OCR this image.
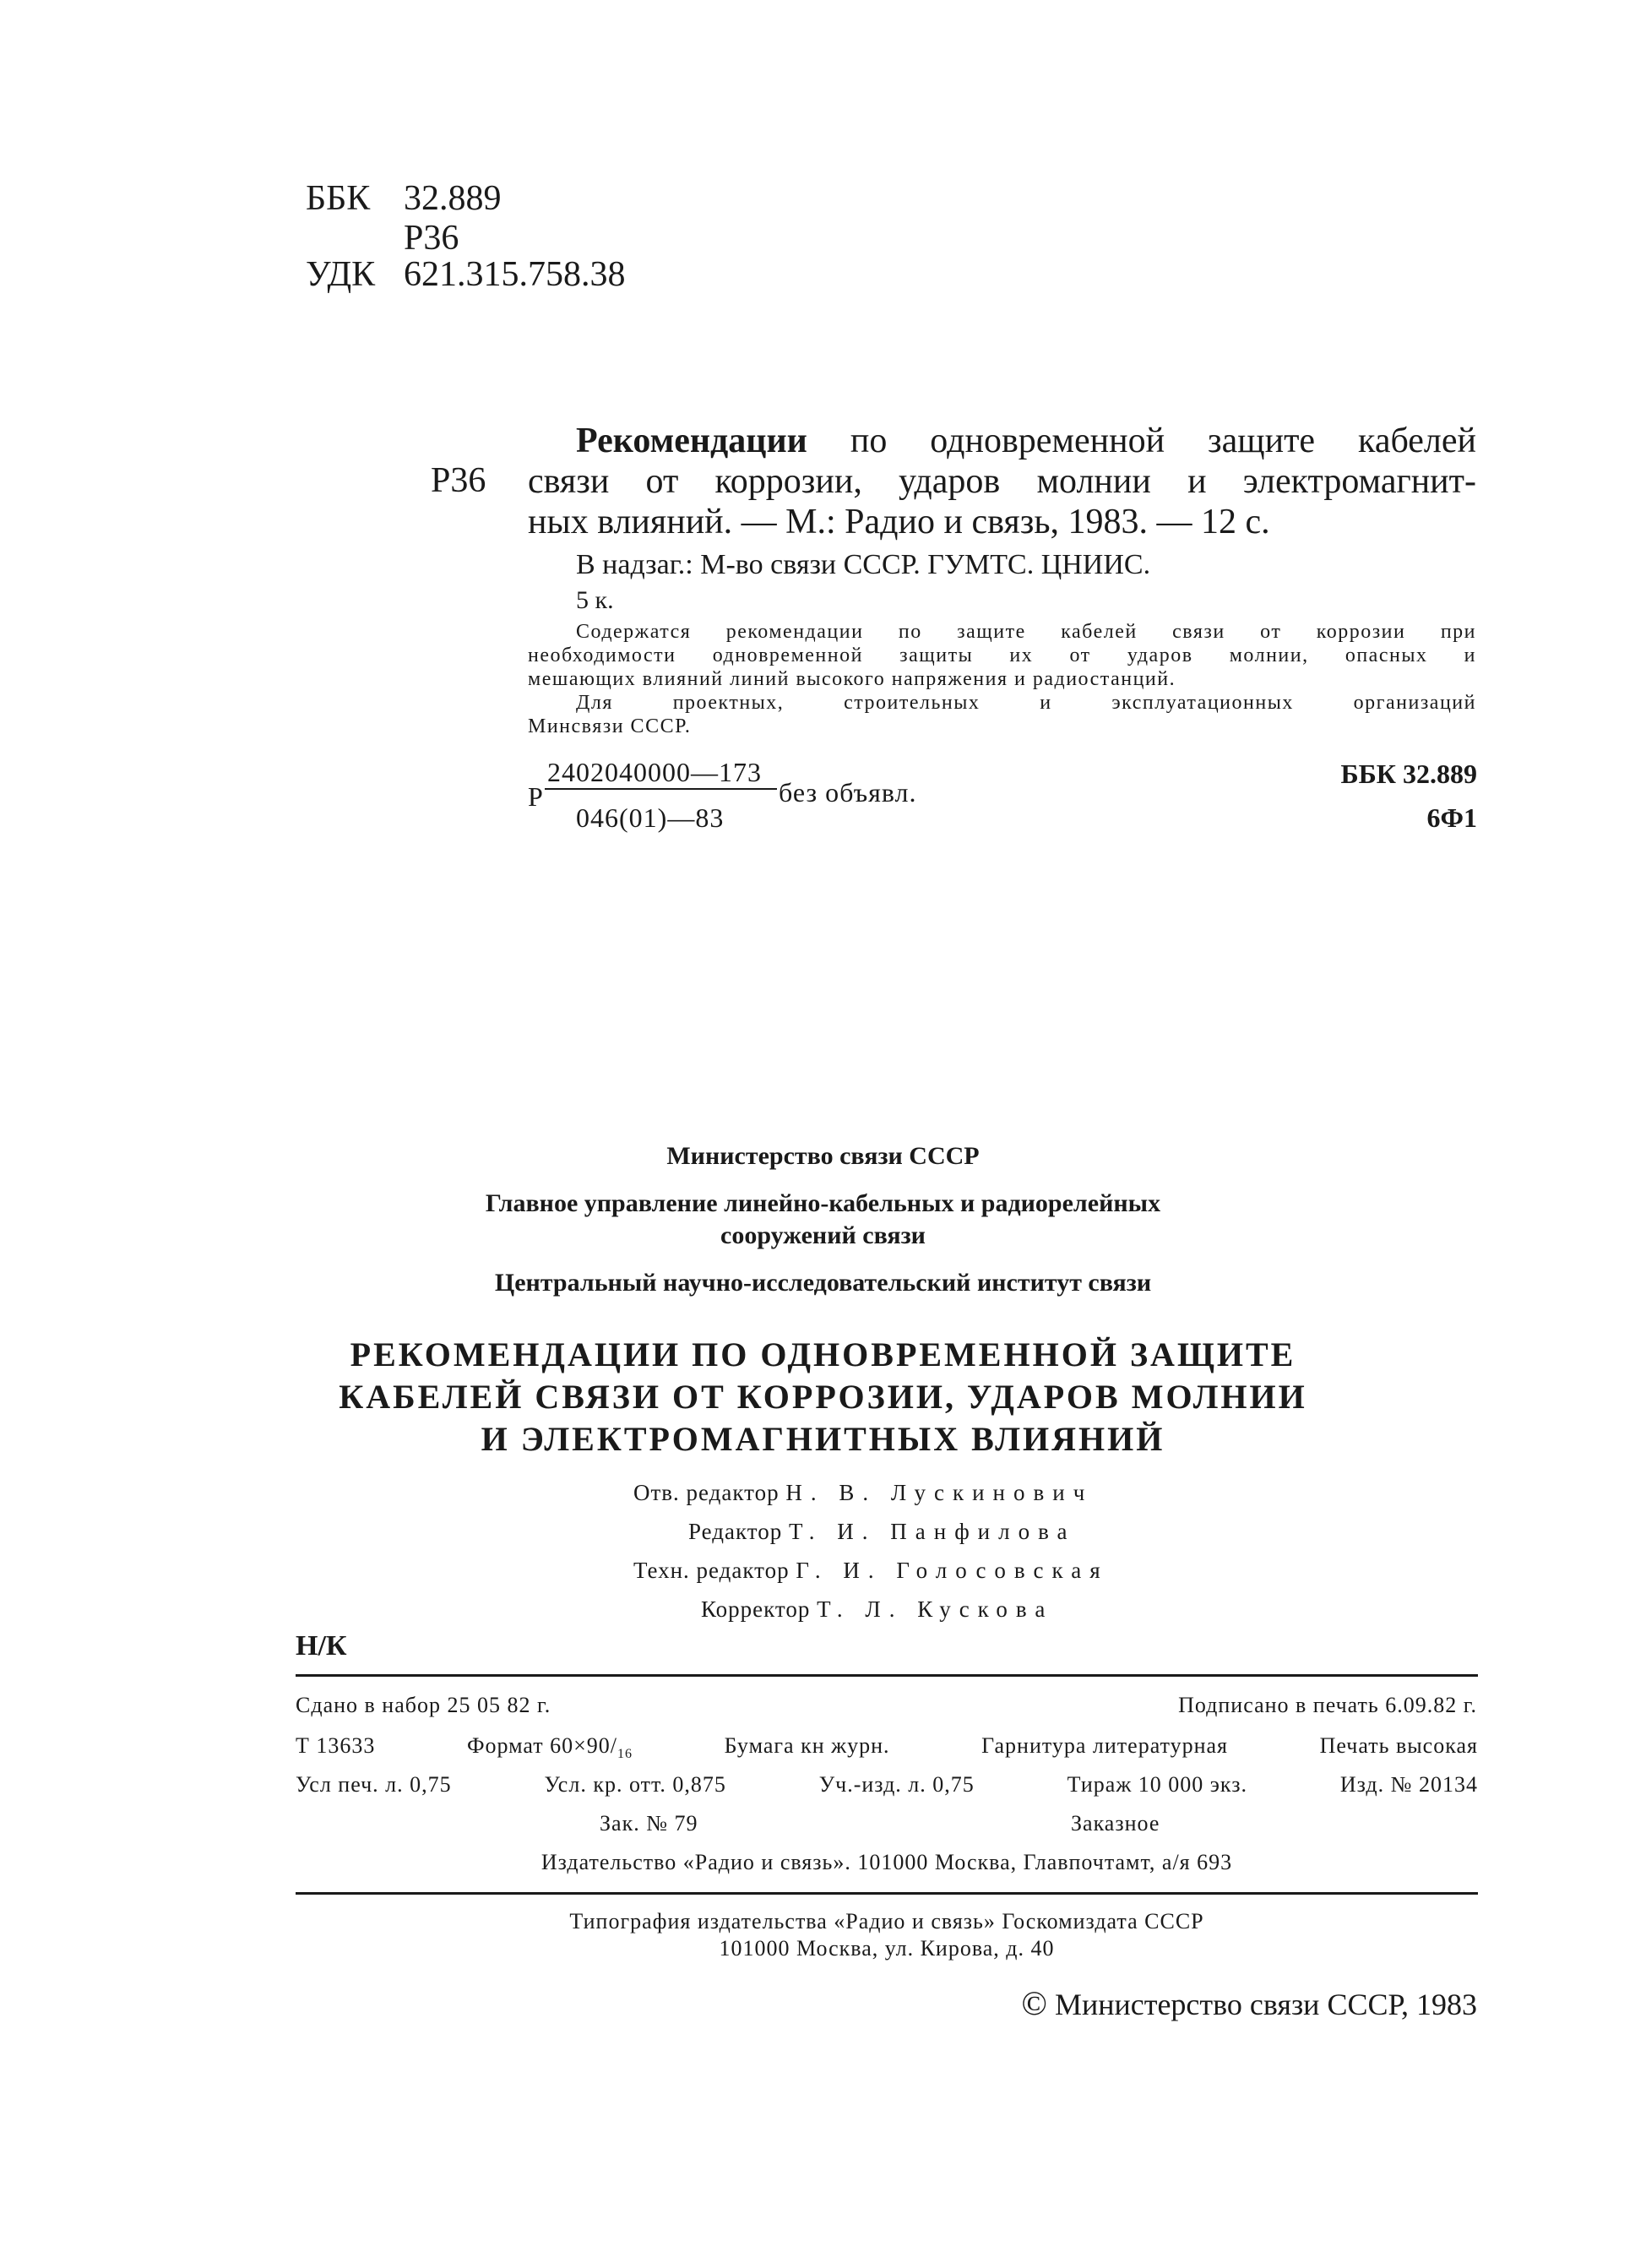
ББК 32.889
Р36
УДК 621.315.758.38
Р36
Рекомендации по одновременной защите кабелей
связи от коррозии, ударов молнии и электромагнит-
ных влияний. — М.: Радио и связь, 1983. — 12 с.
В надзаг.: М-во связи СССР. ГУМТС. ЦНИИС.
5 к.
Содержатся рекомендации по защите кабелей связи от коррозии при
необходимости одновременной защиты их от ударов молнии, опасных и
мешающих влияний линий высокого напряжения и радиостанций.
Для проектных, строительных и эксплуатационных организаций
Минсвязи СССР.
Р
2402040000—173
без объявл.
046(01)—83
ББК 32.889
6Ф1
Министерство связи СССР
Главное управление линейно-кабельных и радиорелейных
сооружений связи
Центральный научно-исследовательский институт связи
РЕКОМЕНДАЦИИ ПО ОДНОВРЕМЕННОЙ ЗАЩИТЕ
КАБЕЛЕЙ СВЯЗИ ОТ КОРРОЗИИ, УДАРОВ МОЛНИИ
И ЭЛЕКТРОМАГНИТНЫХ ВЛИЯНИЙ
Отв. редактор Н. В. Лускинович
Редактор Т. И. Панфилова
Техн. редактор Г. И. Голосовская
Корректор Т. Л. Кускова
Н/К
Сдано в набор 25 05 82 г.	Подписано в печать 6.09.82 г.
Т 13633	Формат $60\times 90/_{16}$	Бумага кн журн.	Гарнитура литературная	Печать высокая
Усл печ. л. 0,75	Усл. кр. отт. 0,875	Уч.-изд. л. 0,75	Тираж 10 000 экз.	Изд. № 20134
Зак. № 79	Заказное
Издательство «Радио и связь». 101000 Москва, Главпочтамт, а/я 693
Типография издательства «Радио и связь» Госкомиздата СССР
101000 Москва, ул. Кирова, д. 40
© Министерство связи СССР, 1983
